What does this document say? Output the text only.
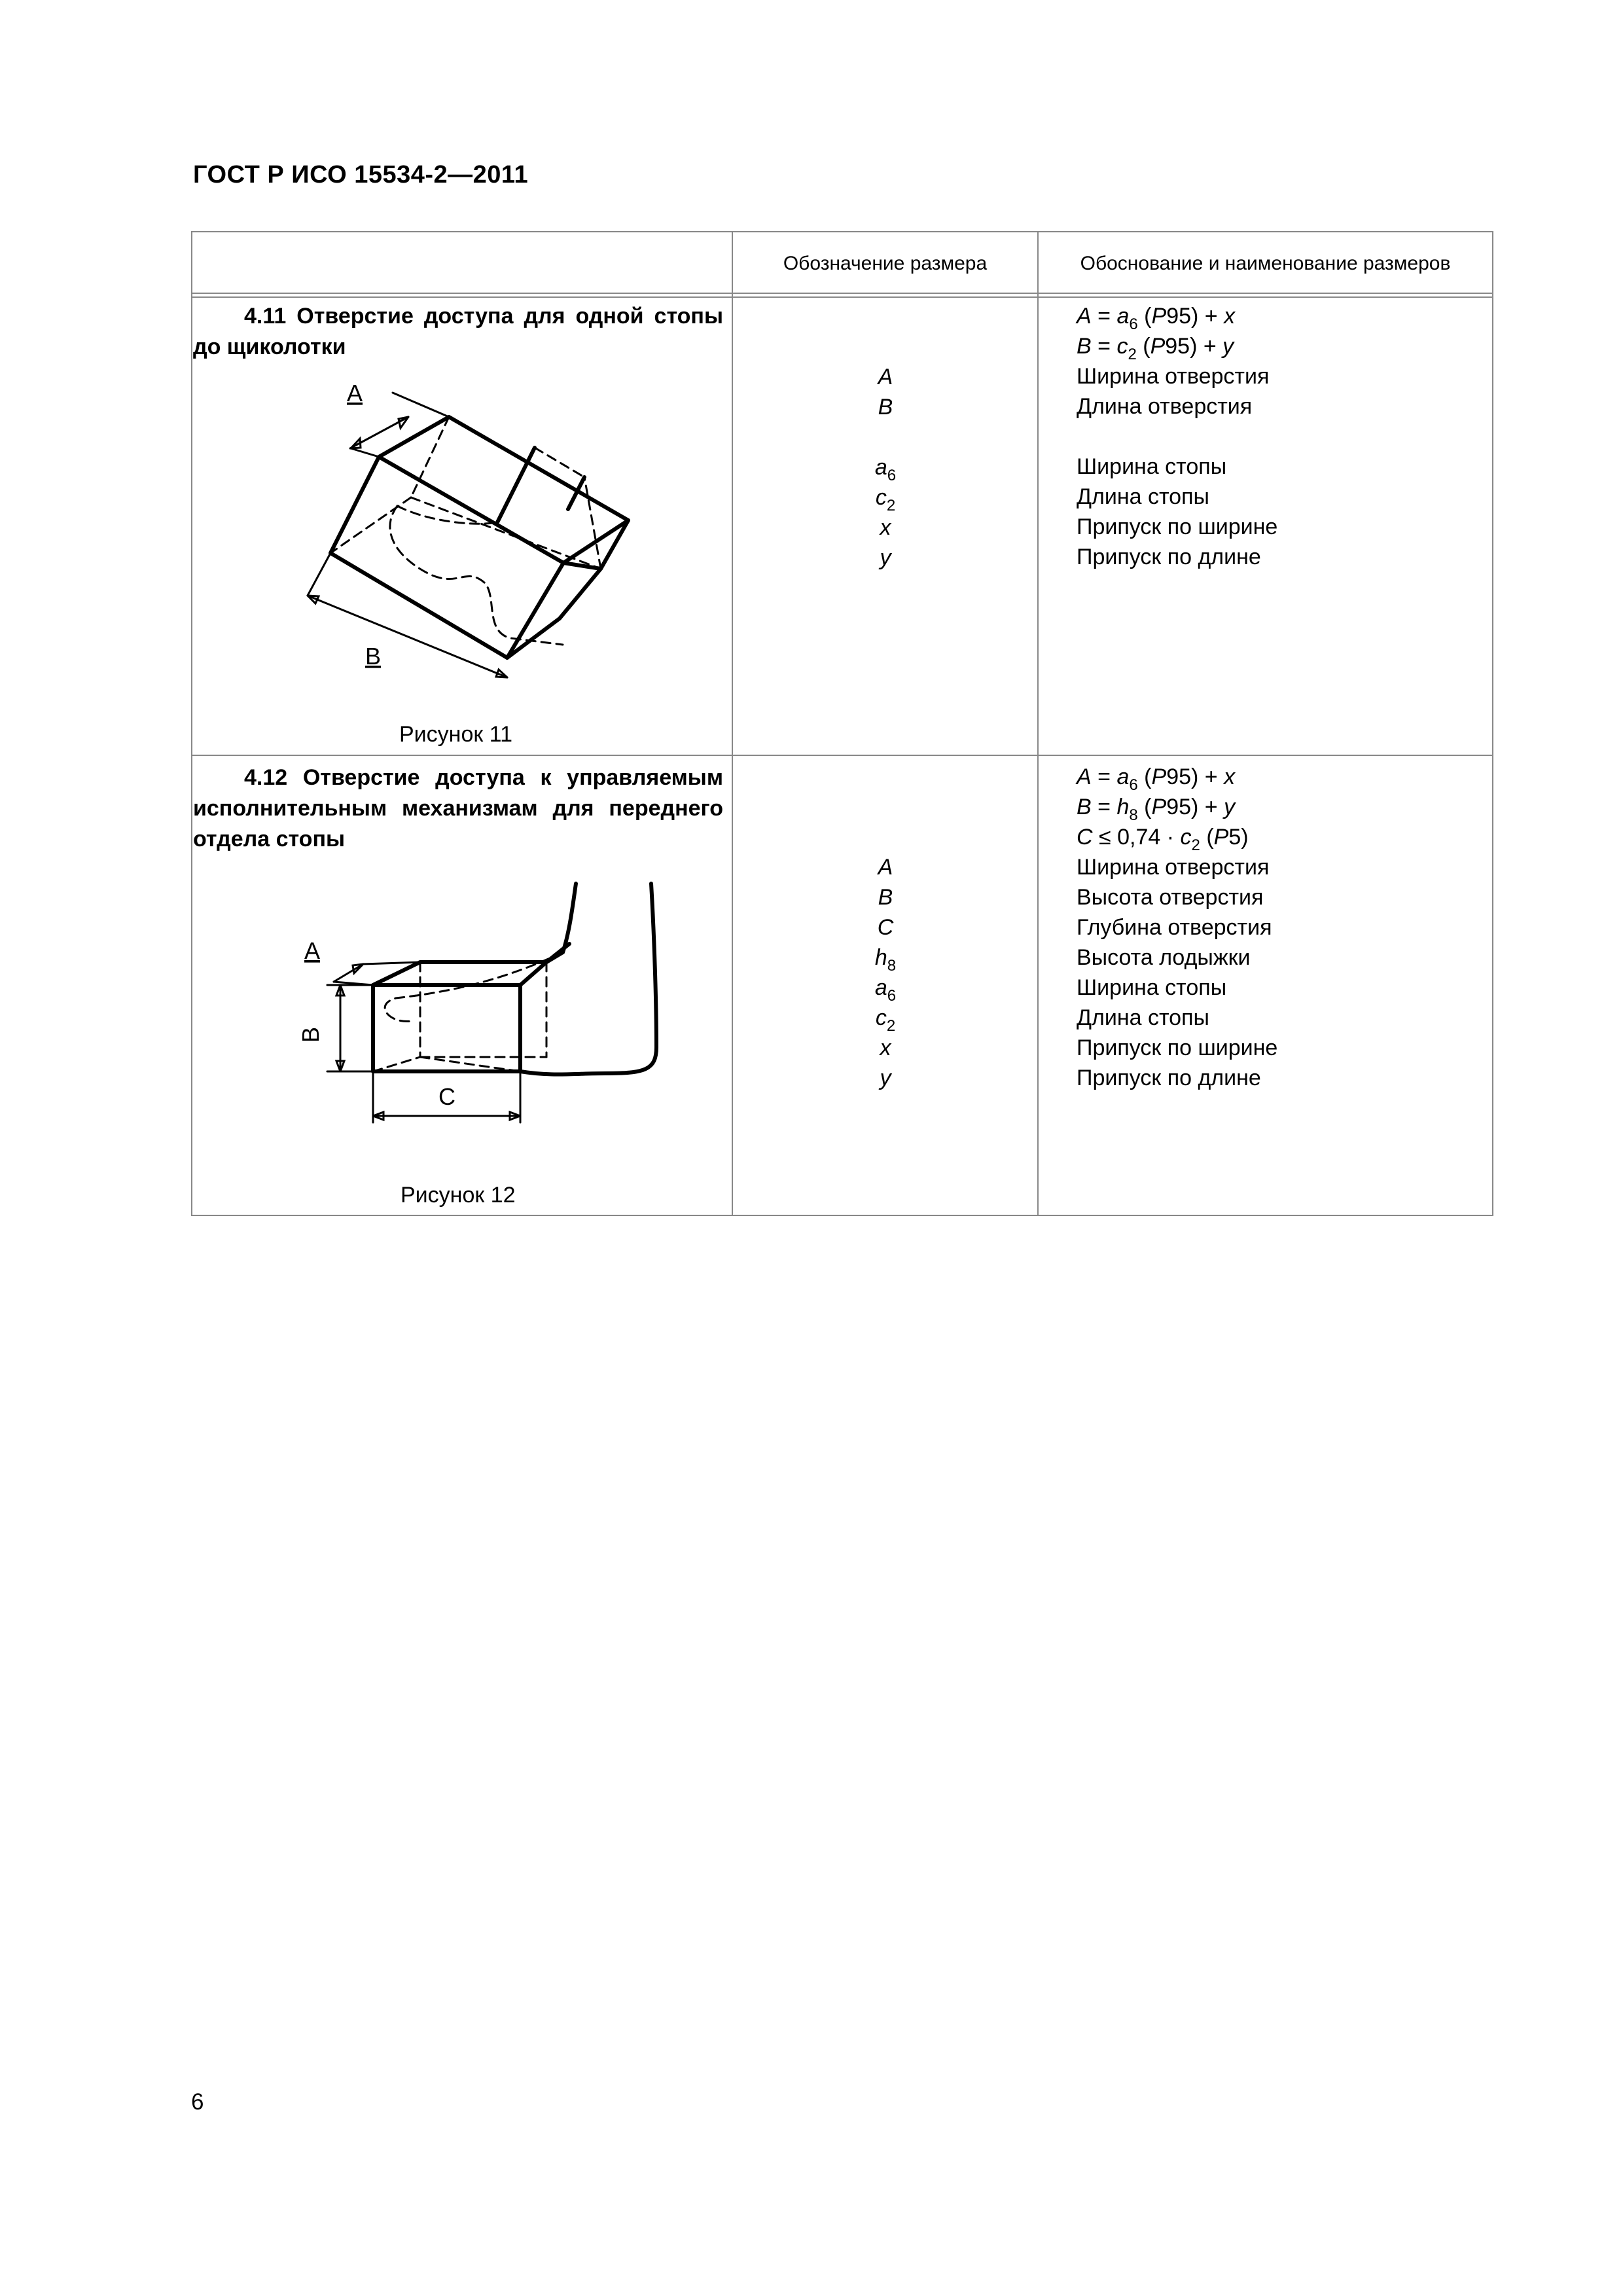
ГОСТ Р ИСО 15534-2—2011
Обозначение размера	Обоснование и наименование размеров
4.11 Отверстие доступа для одной стопы до щиколотки
A
B
Рисунок 11
A
B
$a_6$
$c_2$
x
y
$A = a_6$ (P95) + x
$B = c_2$ (P95) + y
Ширина отверстия
Длина отверстия
Ширина стопы
Длина стопы
Припуск по ширине
Припуск по длине
4.12 Отверстие доступа к управляемым исполнительным механизмам для переднего отдела стопы
A
B
C
Рисунок 12
A
B
C
$h_8$
$a_6$
$c_2$
x
y
$A = a_6$ (P95) + x
$B = h_8$ (P95) + y
$C \le 0,74 \cdot c_2$ (P5)
Ширина отверстия
Высота отверстия
Глубина отверстия
Высота лодыжки
Ширина стопы
Длина стопы
Припуск по ширине
Припуск по длине
6
